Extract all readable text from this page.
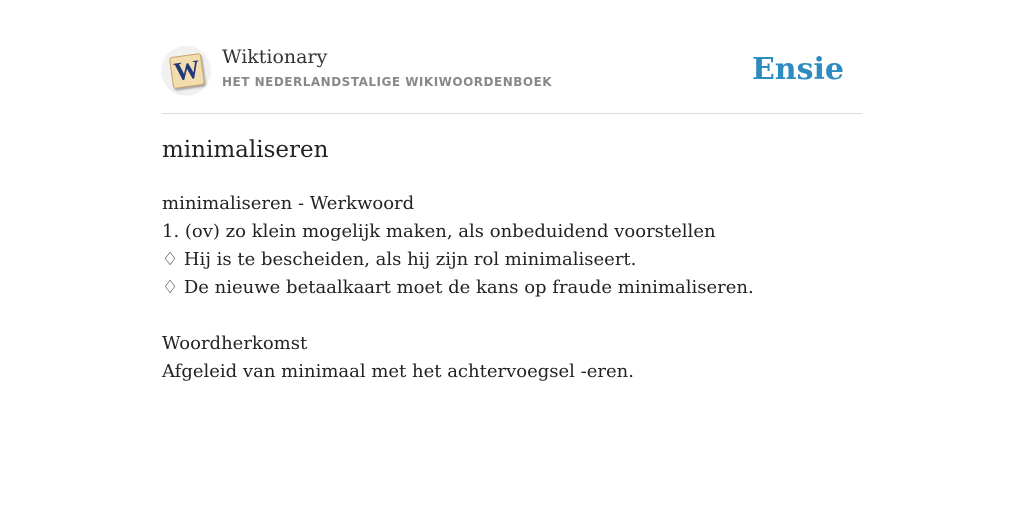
W Wiktionary
HET NEDERLANDSTALIGE WIKIWOORDENBOEK	Ensie
minimaliseren
minimaliseren - Werkwoord
1. (ov) zo klein mogelijk maken, als onbeduidend voorstellen
♢ Hij is te bescheiden, als hij zijn rol minimaliseert.
♢ De nieuwe betaalkaart moet de kans op fraude minimaliseren.
Woordherkomst
Afgeleid van minimaal met het achtervoegsel -eren.
